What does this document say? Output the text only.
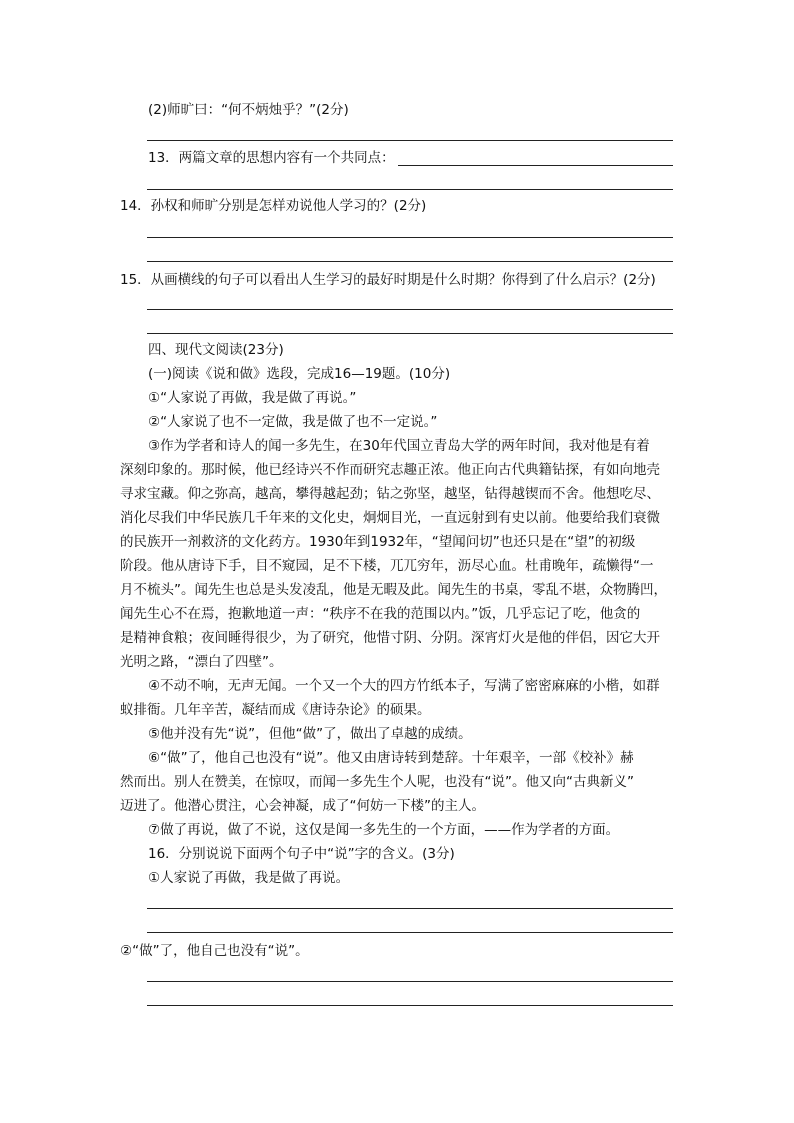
(2)师旷曰：“何不炳烛乎？”(2分)
13．两篇文章的思想内容有一个共同点：
14．孙权和师旷分别是怎样劝说他人学习的？(2分)
15．从画横线的句子可以看出人生学习的最好时期是什么时期？你得到了什么启示？(2分)
四、现代文阅读(23分)
(一)阅读《说和做》选段，完成16—19题。(10分)
①“人家说了再做，我是做了再说。”
②“人家说了也不一定做，我是做了也不一定说。”
③作为学者和诗人的闻一多先生，在30年代国立青岛大学的两年时间，我对他是有着
深刻印象的。那时候，他已经诗兴不作而研究志趣正浓。他正向古代典籍钻探，有如向地壳
寻求宝藏。仰之弥高，越高，攀得越起劲；钻之弥坚，越坚，钻得越锲而不舍。他想吃尽、
消化尽我们中华民族几千年来的文化史，炯炯目光，一直远射到有史以前。他要给我们衰微
的民族开一剂救济的文化药方。1930年到1932年，“望闻问切”也还只是在“望”的初级
阶段。他从唐诗下手，目不窥园，足不下楼，兀兀穷年，沥尽心血。杜甫晚年，疏懒得“一
月不梳头”。闻先生也总是头发凌乱，他是无暇及此。闻先生的书桌，零乱不堪，众物腾凹，
闻先生心不在焉，抱歉地道一声：“秩序不在我的范围以内。”饭，几乎忘记了吃，他贪的
是精神食粮；夜间睡得很少，为了研究，他惜寸阴、分阴。深宵灯火是他的伴侣，因它大开
光明之路，“漂白了四壁”。
④不动不响，无声无闻。一个又一个大的四方竹纸本子，写满了密密麻麻的小楷，如群
蚁排衙。几年辛苦，凝结而成《唐诗杂论》的硕果。
⑤他并没有先“说”，但他“做”了，做出了卓越的成绩。
⑥“做”了，他自己也没有“说”。他又由唐诗转到楚辞。十年艰辛，一部《校补》赫
然而出。别人在赞美，在惊叹，而闻一多先生个人呢，也没有“说”。他又向“古典新义”
迈进了。他潜心贯注，心会神凝，成了“何妨一下楼”的主人。
⑦做了再说，做了不说，这仅是闻一多先生的一个方面，——作为学者的方面。
16．分别说说下面两个句子中“说”字的含义。(3分)
①人家说了再做，我是做了再说。
②“做”了，他自己也没有“说”。
